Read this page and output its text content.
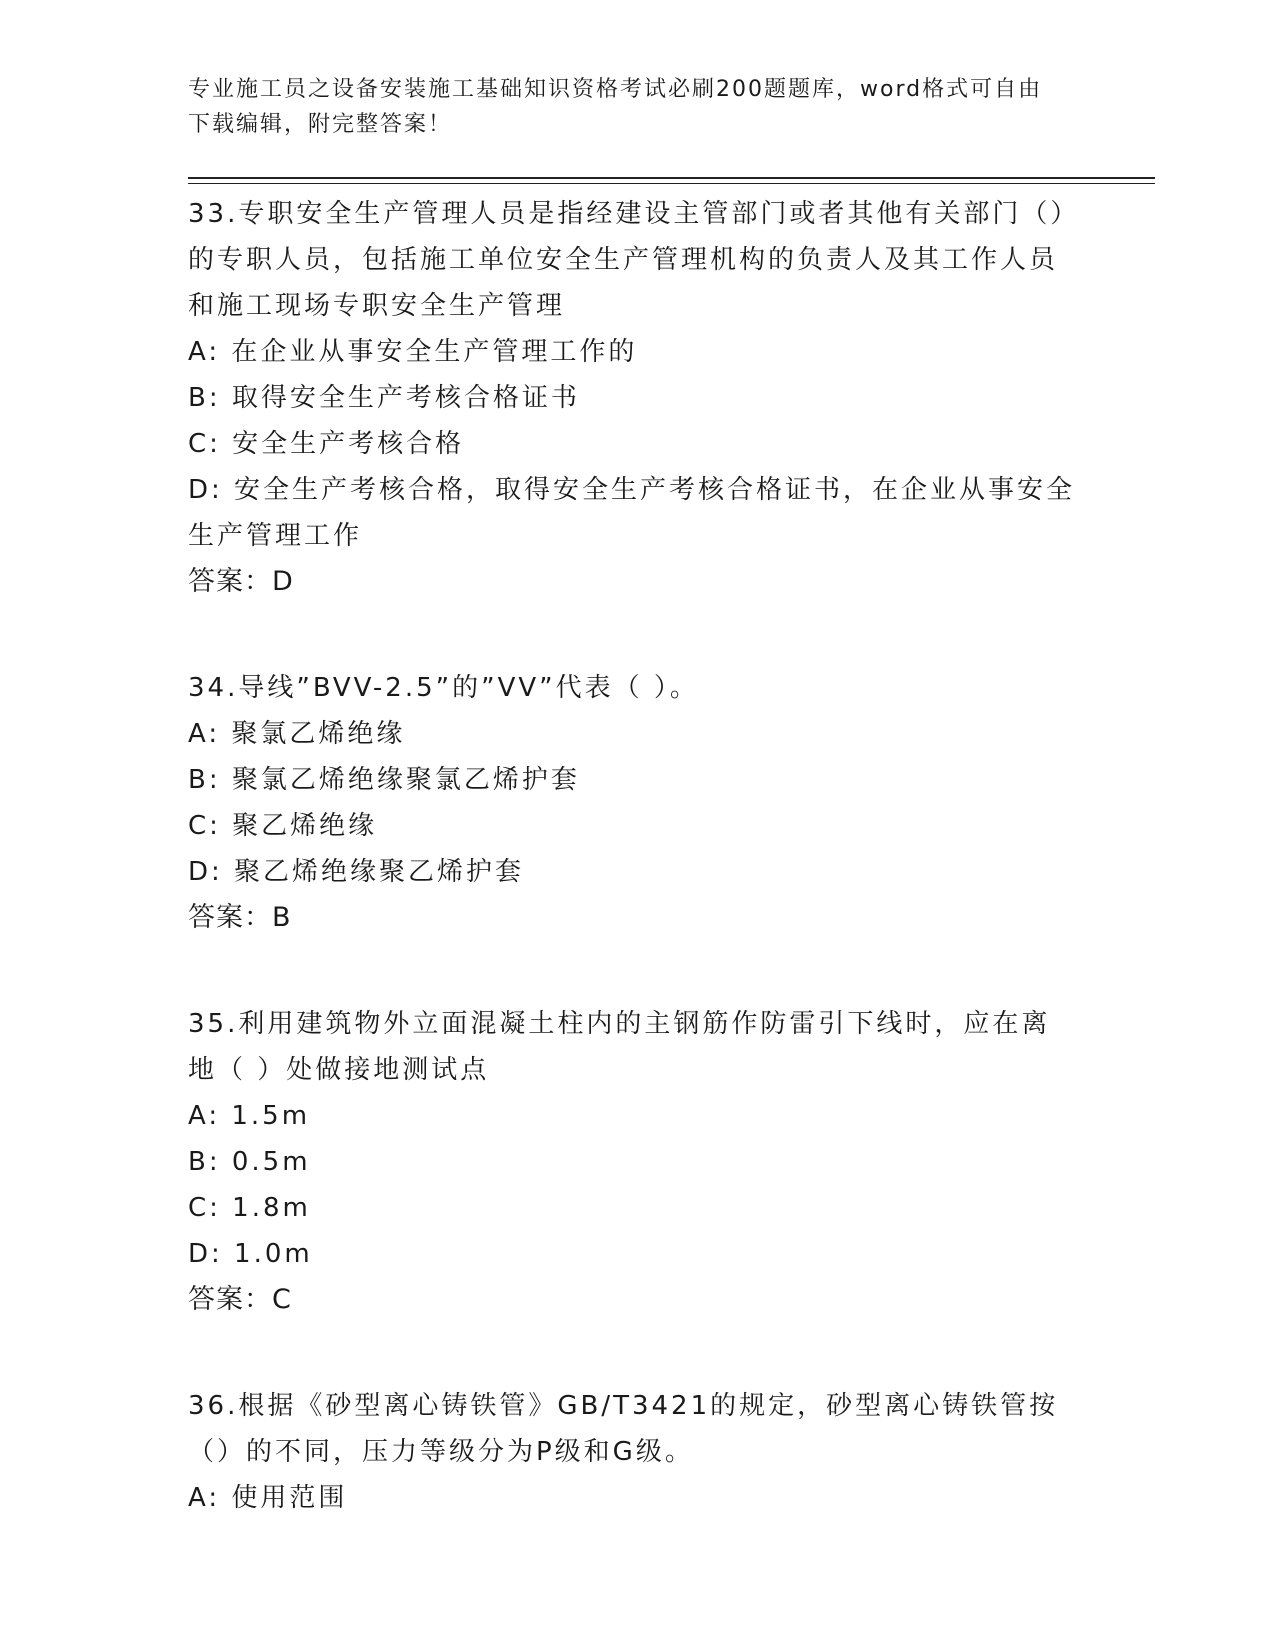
专业施工员之设备安装施工基础知识资格考试必刷200题题库，word格式可自由
下载编辑，附完整答案！

33.专职安全生产管理人员是指经建设主管部门或者其他有关部门（）的专职人员，包括施工单位安全生产管理机构的负责人及其工作人员和施工现场专职安全生产管理

A: 在企业从事安全生产管理工作的

B: 取得安全生产考核合格证书

C: 安全生产考核合格

D: 安全生产考核合格，取得安全生产考核合格证书，在企业从事安全生产管理工作

答案：D

34.导线”BVV-2.5”的”VV”代表（ ）。

A: 聚氯乙烯绝缘

B: 聚氯乙烯绝缘聚氯乙烯护套

C: 聚乙烯绝缘

D: 聚乙烯绝缘聚乙烯护套

答案：B

35.利用建筑物外立面混凝土柱内的主钢筋作防雷引下线时，应在离地（ ）处做接地测试点

A: 1.5m

B: 0.5m

C: 1.8m

D: 1.0m

答案：C

36.根据《砂型离心铸铁管》GB/T3421的规定，砂型离心铸铁管按（）的不同，压力等级分为P级和G级。

A: 使用范围
